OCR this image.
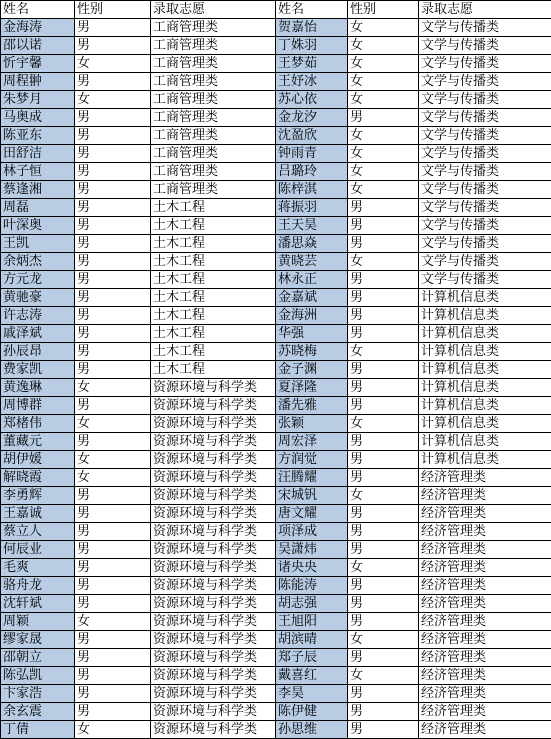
姓名	性别	录取志愿	姓名	性别	录取志愿
金海涛	男	工商管理类	贺嘉怡	女	文学与传播类
邵以诺	男	工商管理类	丁姝羽	女	文学与传播类
忻宇馨	女	工商管理类	王梦茹	女	文学与传播类
周程翀	男	工商管理类	王妤冰	女	文学与传播类
朱梦月	女	工商管理类	苏心依	女	文学与传播类
马奥成	男	工商管理类	金龙汐	男	文学与传播类
陈亚东	男	工商管理类	沈盈欣	女	文学与传播类
田舒洁	男	工商管理类	钟雨青	女	文学与传播类
林子恒	男	工商管理类	吕璐玲	女	文学与传播类
蔡逢湘	男	工商管理类	陈梓淇	女	文学与传播类
周磊	男	土木工程	蒋振羽	男	文学与传播类
叶深奥	男	土木工程	王天昊	男	文学与传播类
王凯	男	土木工程	潘思焱	男	文学与传播类
余炳杰	男	土木工程	黄晓芸	女	文学与传播类
方元龙	男	土木工程	林永正	男	文学与传播类
黄驰豪	男	土木工程	金嘉斌	男	计算机信息类
许志涛	男	土木工程	金海洲	男	计算机信息类
戚泽斌	男	土木工程	华强	男	计算机信息类
孙辰昂	男	土木工程	苏晓梅	女	计算机信息类
费家凯	男	土木工程	金子渊	男	计算机信息类
黄逸琳	女	资源环境与科学类	夏泽隆	男	计算机信息类
周博群	男	资源环境与科学类	潘先雅	男	计算机信息类
郑楮伟	女	资源环境与科学类	张颖	女	计算机信息类
董藏元	男	资源环境与科学类	周宏泽	男	计算机信息类
胡伊媛	女	资源环境与科学类	方润觉	男	计算机信息类
解晓霞	女	资源环境与科学类	汪腾耀	男	经济管理类
李勇辉	男	资源环境与科学类	宋城钒	女	经济管理类
王嘉诚	男	资源环境与科学类	唐文耀	男	经济管理类
蔡立人	男	资源环境与科学类	项泽成	男	经济管理类
何辰业	男	资源环境与科学类	吴潇炜	男	经济管理类
毛爽	男	资源环境与科学类	诸央央	女	经济管理类
骆舟龙	男	资源环境与科学类	陈能涛	男	经济管理类
沈轩斌	男	资源环境与科学类	胡志强	男	经济管理类
周颖	女	资源环境与科学类	王旭阳	男	经济管理类
缪家晟	男	资源环境与科学类	胡滨晴	女	经济管理类
邵朝立	男	资源环境与科学类	郑子辰	男	经济管理类
陈弘凯	男	资源环境与科学类	戴喜红	女	经济管理类
卞家浩	男	资源环境与科学类	李昊	男	经济管理类
余玄震	男	资源环境与科学类	陈伊健	男	经济管理类
丁倩	女	资源环境与科学类	孙思维	男	经济管理类
